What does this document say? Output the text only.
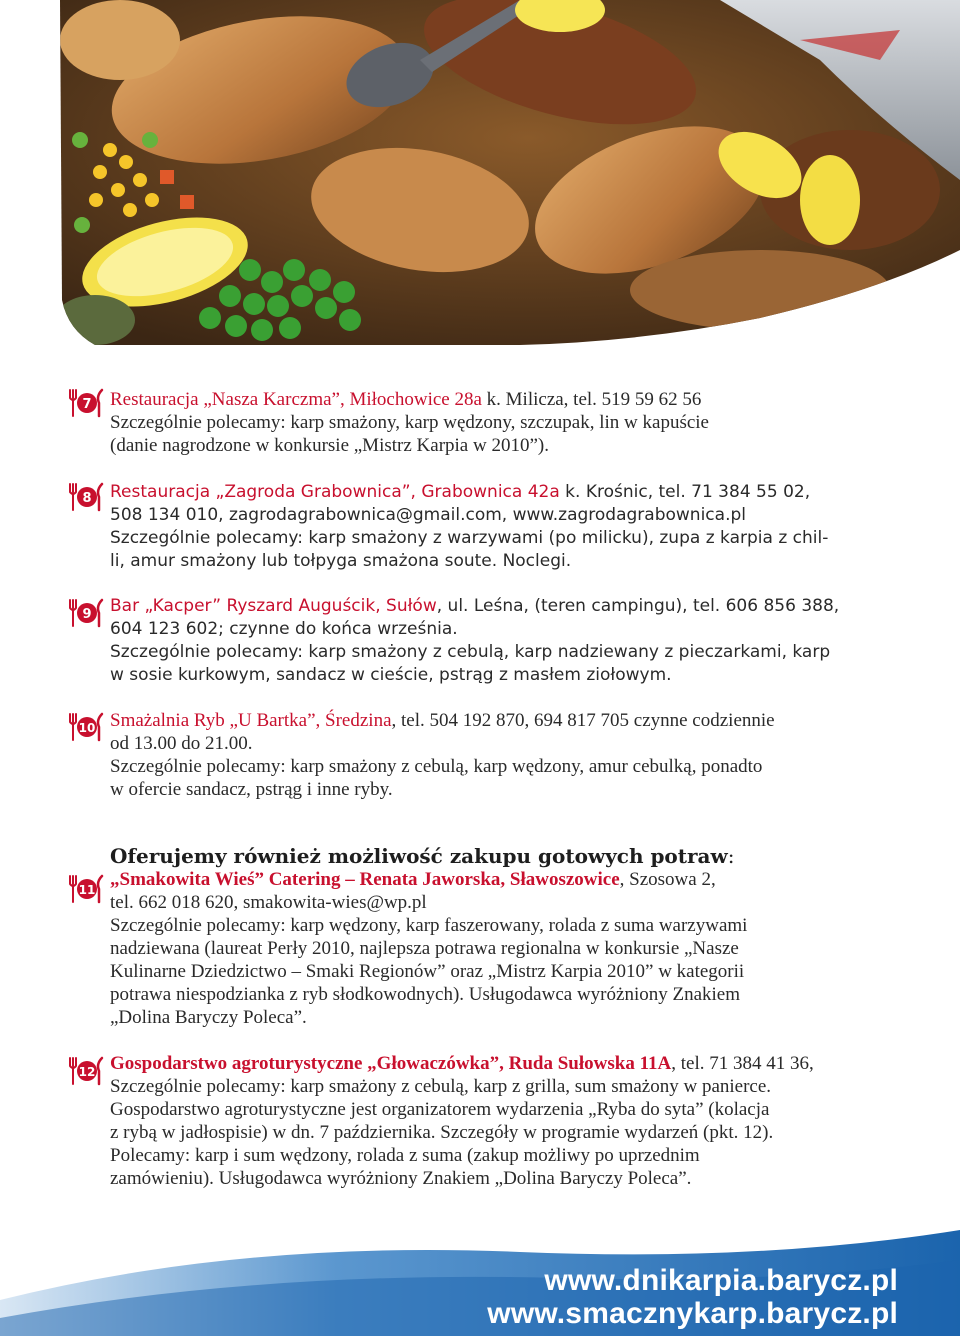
7 Restauracja „Nasza Karczma”, Miłochowice 28a k. Milicza, tel. 519 59 62 56

Szczególnie polecamy: karp smażony, karp wędzony, szczupak, lin w kapuście

(danie nagrodzone w konkursie „Mistrz Karpia w 2010”).

8 Restauracja „Zagroda Grabownica”, Grabownica 42a k. Krośnic, tel. 71 384 55 02,

508 134 010, zagrodagrabownica@gmail.com, www.zagrodagrabownica.pl

Szczególnie polecamy: karp smażony z warzywami (po milicku), zupa z karpia z chil-

li, amur smażony lub tołpyga smażona soute. Noclegi.

9 Bar „Kacper” Ryszard Auguścik, Sułów, ul. Leśna, (teren campingu), tel. 606 856 388,

604 123 602; czynne do końca września.

Szczególnie polecamy: karp smażony z cebulą, karp nadziewany z pieczarkami, karp

w sosie kurkowym, sandacz w cieście, pstrąg z masłem ziołowym.

10 Smażalnia Ryb „U Bartka”, Średzina, tel. 504 192 870, 694 817 705 czynne codziennie

od 13.00 do 21.00.

Szczególnie polecamy: karp smażony z cebulą, karp wędzony, amur cebulką, ponadto

w ofercie sandacz, pstrąg i inne ryby.

11

Oferujemy również możliwość zakupu gotowych potraw:

„Smakowita Wieś” Catering – Renata Jaworska, Sławoszowice, Szosowa 2,

tel. 662 018 620, smakowita-wies@wp.pl

Szczególnie polecamy: karp wędzony, karp faszerowany, rolada z suma warzywami

nadziewana (laureat Perły 2010, najlepsza potrawa regionalna w konkursie „Nasze

Kulinarne Dziedzictwo – Smaki Regionów” oraz „Mistrz Karpia 2010” w kategorii

potrawa niespodzianka z ryb słodkowodnych). Usługodawca wyróżniony Znakiem

„Dolina Baryczy Poleca”.

12 Gospodarstwo agroturystyczne „Głowaczówka”, Ruda Sułowska 11A, tel. 71 384 41 36,

Szczególnie polecamy: karp smażony z cebulą, karp z grilla, sum smażony w panierce.

Gospodarstwo agroturystyczne jest organizatorem wydarzenia „Ryba do syta” (kolacja

z rybą w jadłospisie) w dn. 7 października. Szczegóły w programie wydarzeń (pkt. 12).

Polecamy: karp i sum wędzony, rolada z suma (zakup możliwy po uprzednim

zamówieniu). Usługodawca wyróżniony Znakiem „Dolina Baryczy Poleca”.

www.dnikarpia.barycz.pl
www.smacznykarp.barycz.pl
